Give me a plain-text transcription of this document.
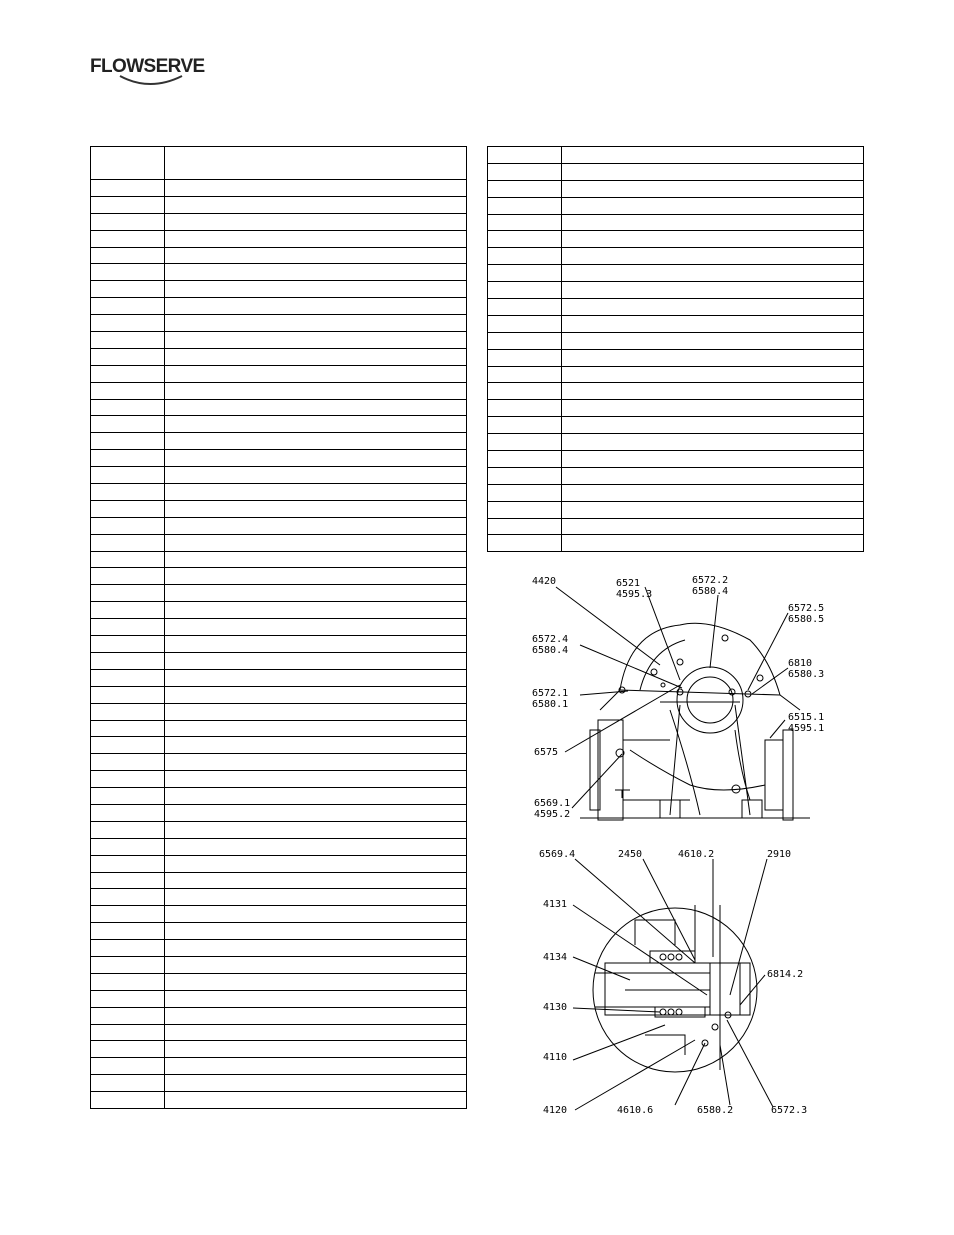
FLOWSERVE

4420	6521
4595.3
6572.2
6580.4
6572.5
6580.5
6572.4
6580.4
6810
6580.3
6572.1
6580.1
6515.1
4595.1
6575
6569.1
4595.2
6569.4	2450	4610.2	2910
4131
4134
6814.2
4130
4110
4120	4610.6	6580.2	6572.3
